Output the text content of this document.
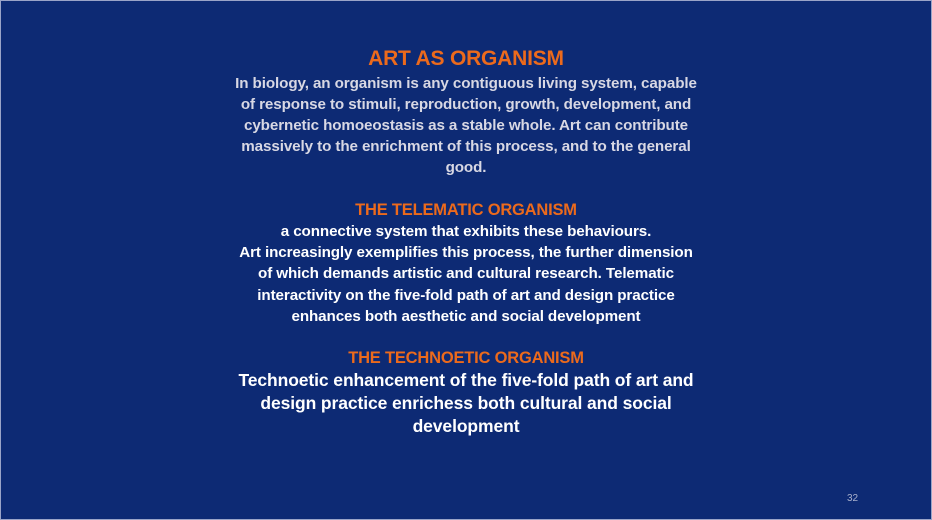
ART AS ORGANISM
In biology, an organism is any contiguous living system, capable
of response to stimuli, reproduction, growth, development, and
cybernetic homoeostasis as a stable whole. Art can contribute
massively to the enrichment of this process, and to the general
good.
THE TELEMATIC ORGANISM
a connective system that exhibits these behaviours.
Art increasingly exemplifies this process, the further dimension
of which demands artistic and cultural research. Telematic
interactivity on the five-fold path of art and design practice
enhances both aesthetic and social development
THE TECHNOETIC ORGANISM
Technoetic enhancement of the five-fold path of art and
design practice enrichess both cultural and social
development
32
